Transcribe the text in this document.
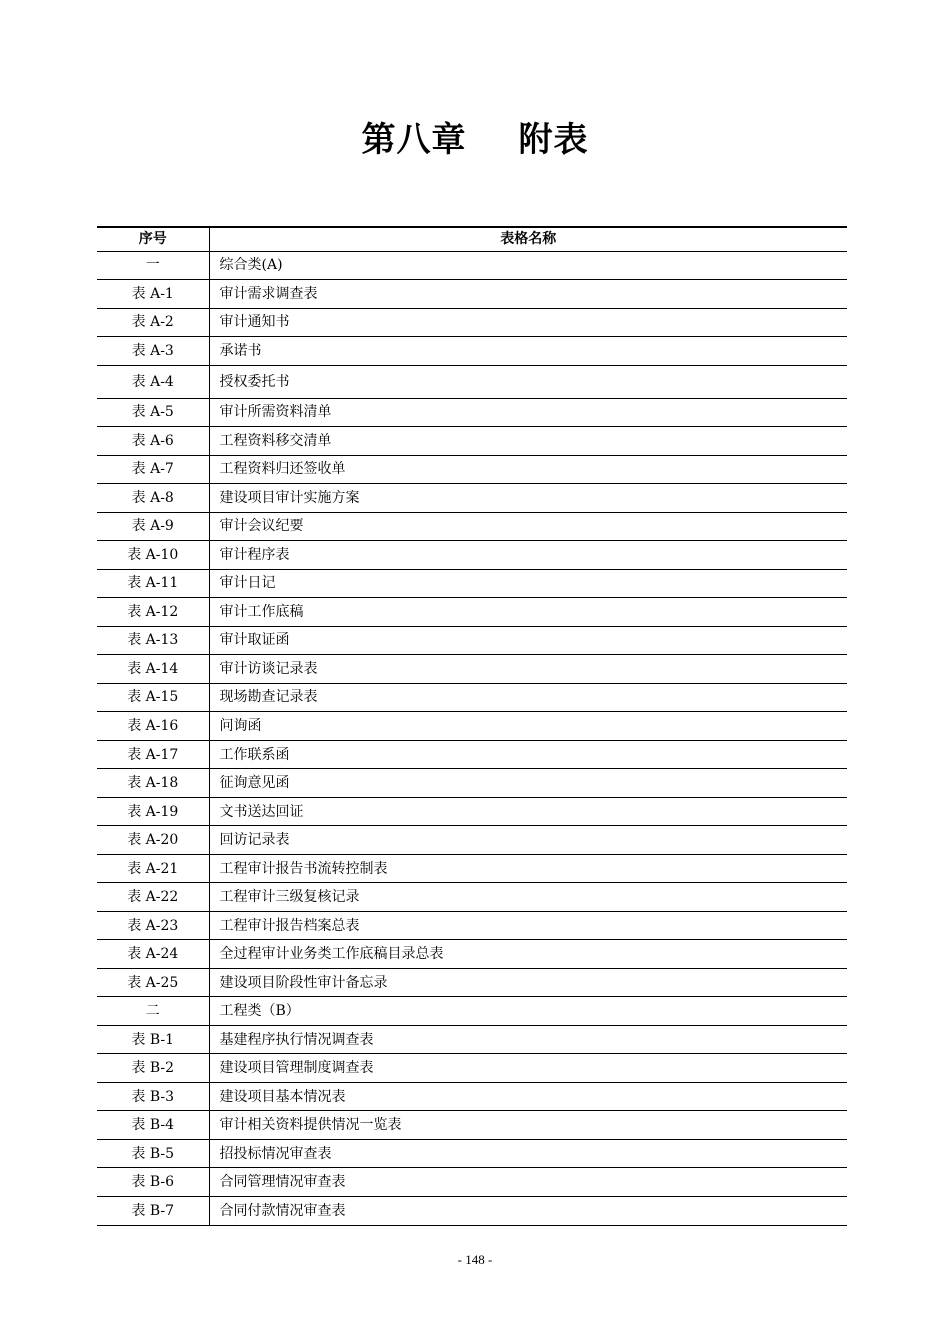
第八章 附表
序号	表格名称
一	综合类(A)
表 A-1	审计需求调查表
表 A-2	审计通知书
表 A-3	承诺书
表 A-4	授权委托书
表 A-5	审计所需资料清单
表 A-6	工程资料移交清单
表 A-7	工程资料归还签收单
表 A-8	建设项目审计实施方案
表 A-9	审计会议纪要
表 A-10	审计程序表
表 A-11	审计日记
表 A-12	审计工作底稿
表 A-13	审计取证函
表 A-14	审计访谈记录表
表 A-15	现场勘查记录表
表 A-16	问询函
表 A-17	工作联系函
表 A-18	征询意见函
表 A-19	文书送达回证
表 A-20	回访记录表
表 A-21	工程审计报告书流转控制表
表 A-22	工程审计三级复核记录
表 A-23	工程审计报告档案总表
表 A-24	全过程审计业务类工作底稿目录总表
表 A-25	建设项目阶段性审计备忘录
二	工程类（B）
表 B-1	基建程序执行情况调查表
表 B-2	建设项目管理制度调查表
表 B-3	建设项目基本情况表
表 B-4	审计相关资料提供情况一览表
表 B-5	招投标情况审查表
表 B-6	合同管理情况审查表
表 B-7	合同付款情况审查表
- 148 -
